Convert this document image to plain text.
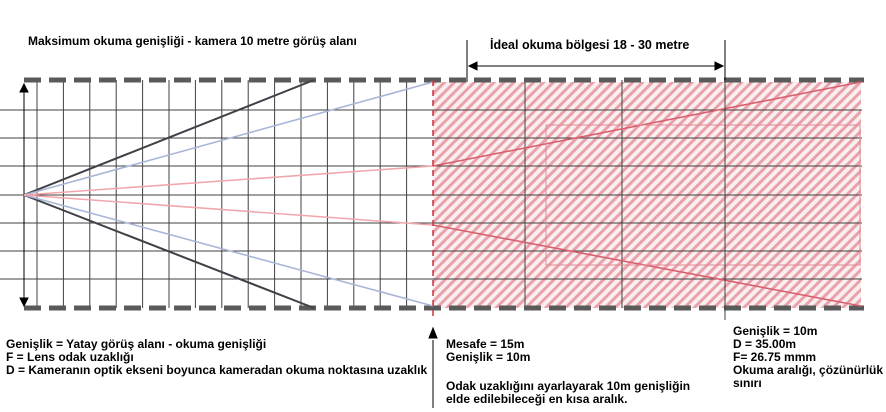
Maksimum okuma genişliği - kamera 10 metre görüş alanı	İdeal okuma bölgesi 18 - 30 metre
Genişlik = Yatay görüş alanı - okuma genişliği
F = Lens odak uzaklığı
D = Kameranın optik ekseni boyunca kameradan okuma noktasına uzaklık
Mesafe = 15m
Genişlik = 10m
Odak uzaklığını ayarlayarak 10m genişliğin
elde edilebileceği en kısa aralık.
Genişlik = 10m
D = 35.00m
F= 26.75 mmm
Okuma aralığı, çözünürlük
sınırı
